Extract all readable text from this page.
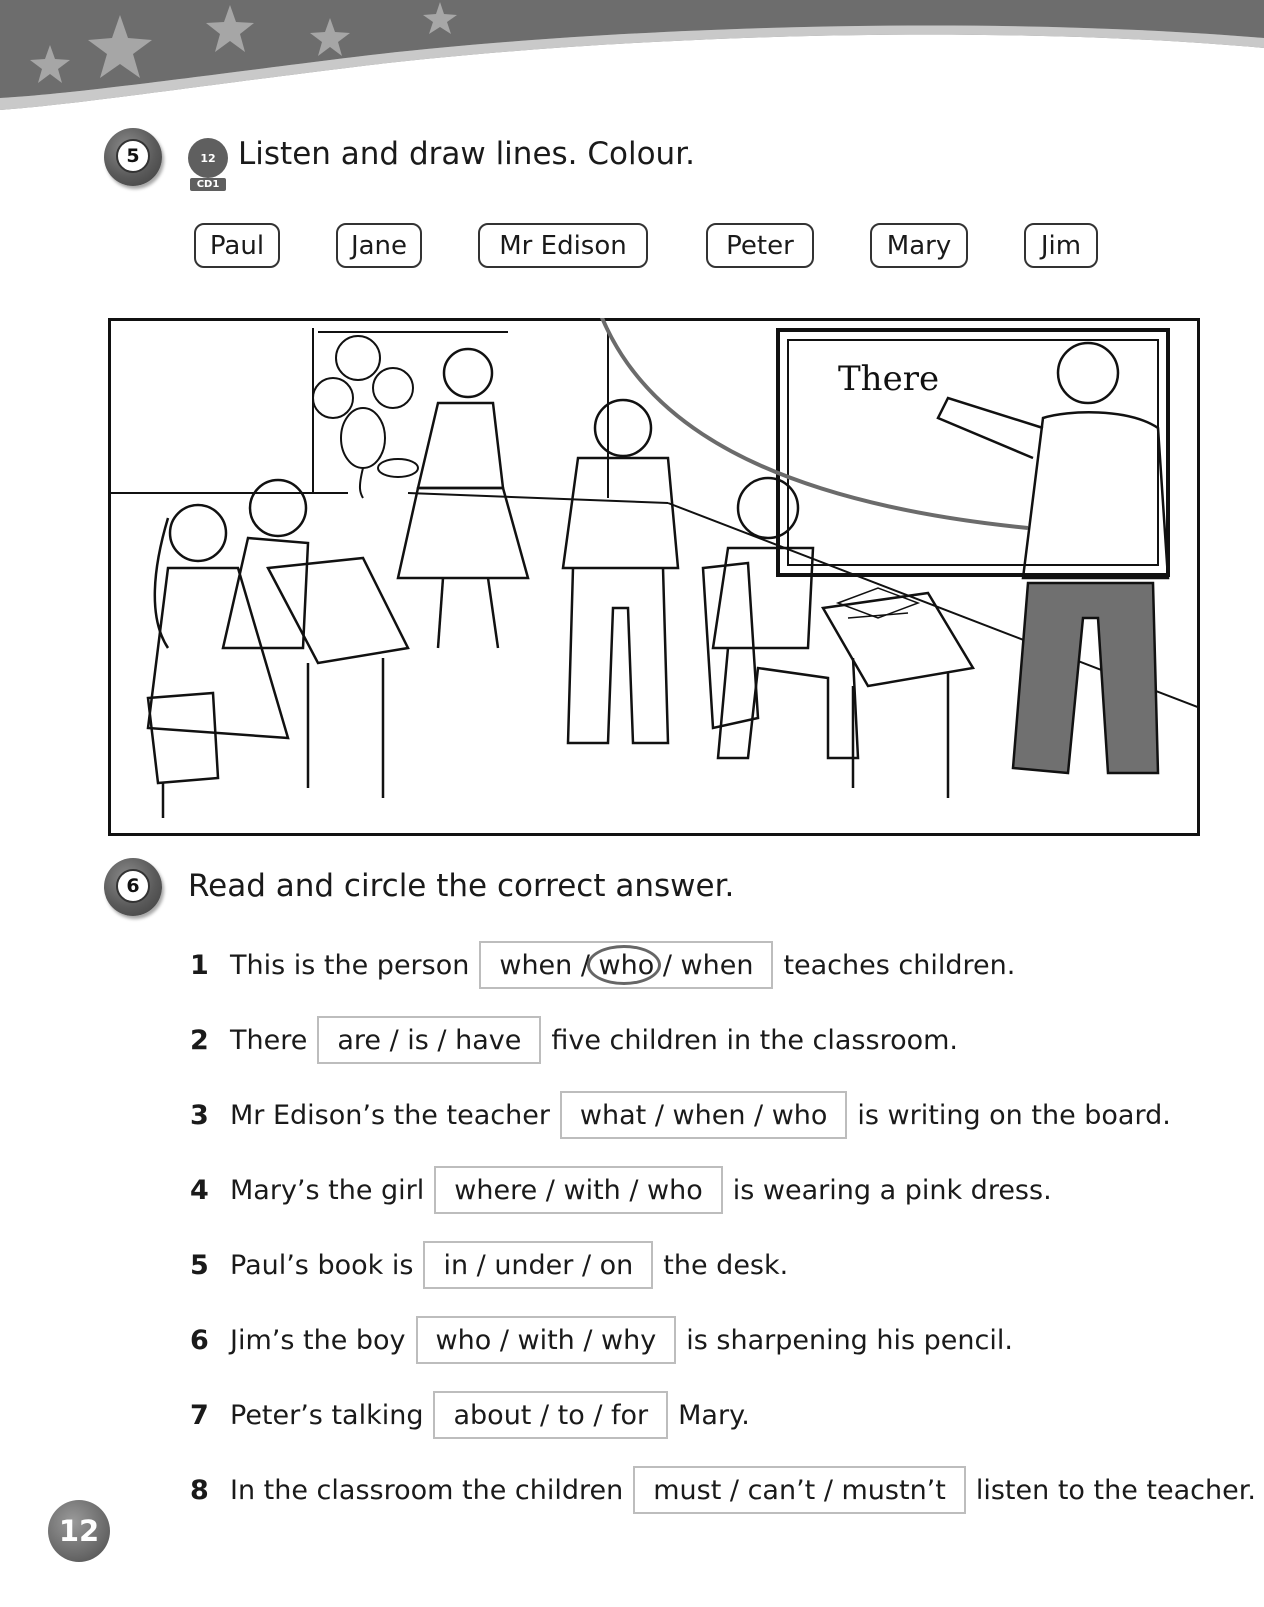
5	12
CD1
Listen and draw lines. Colour.
Paul	Jane	Mr Edison	Peter	Mary	Jim
There
6	Read and circle the correct answer.
1 This is the person when / who / when teaches children.
2 There are / is / have five children in the classroom.
3 Mr Edison’s the teacher what / when / who is writing on the board.
4 Mary’s the girl where / with / who is wearing a pink dress.
5 Paul’s book is in / under / on the desk.
6 Jim’s the boy who / with / why is sharpening his pencil.
7 Peter’s talking about / to / for Mary.
8 In the classroom the children must / can’t / mustn’t listen to the teacher.
12
